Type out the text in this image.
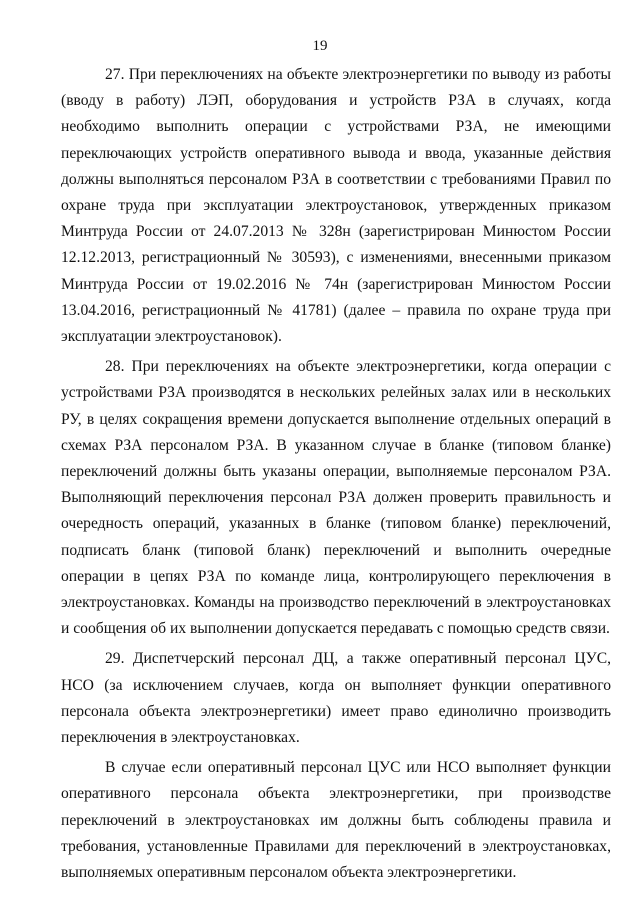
19

27. При переключениях на объекте электроэнергетики по выводу из работы (вводу в работу) ЛЭП, оборудования и устройств РЗА в случаях, когда необходимо выполнить операции с устройствами РЗА, не имеющими переключающих устройств оперативного вывода и ввода, указанные действия должны выполняться персоналом РЗА в соответствии с требованиями Правил по охране труда при эксплуатации электроустановок, утвержденных приказом Минтруда России от 24.07.2013 № 328н (зарегистрирован Минюстом России 12.12.2013, регистрационный № 30593), с изменениями, внесенными приказом Минтруда России от 19.02.2016 № 74н (зарегистрирован Минюстом России 13.04.2016, регистрационный № 41781) (далее – правила по охране труда при эксплуатации электроустановок).

28. При переключениях на объекте электроэнергетики, когда операции с устройствами РЗА производятся в нескольких релейных залах или в нескольких РУ, в целях сокращения времени допускается выполнение отдельных операций в схемах РЗА персоналом РЗА. В указанном случае в бланке (типовом бланке) переключений должны быть указаны операции, выполняемые персоналом РЗА. Выполняющий переключения персонал РЗА должен проверить правильность и очередность операций, указанных в бланке (типовом бланке) переключений, подписать бланк (типовой бланк) переключений и выполнить очередные операции в цепях РЗА по команде лица, контролирующего переключения в электроустановках. Команды на производство переключений в электроустановках и сообщения об их выполнении допускается передавать с помощью средств связи.

29. Диспетчерский персонал ДЦ, а также оперативный персонал ЦУС, НСО (за исключением случаев, когда он выполняет функции оперативного персонала объекта электроэнергетики) имеет право единолично производить переключения в электроустановках.

В случае если оперативный персонал ЦУС или НСО выполняет функции оперативного персонала объекта электроэнергетики, при производстве переключений в электроустановках им должны быть соблюдены правила и требования, установленные Правилами для переключений в электроустановках, выполняемых оперативным персоналом объекта электроэнергетики.
